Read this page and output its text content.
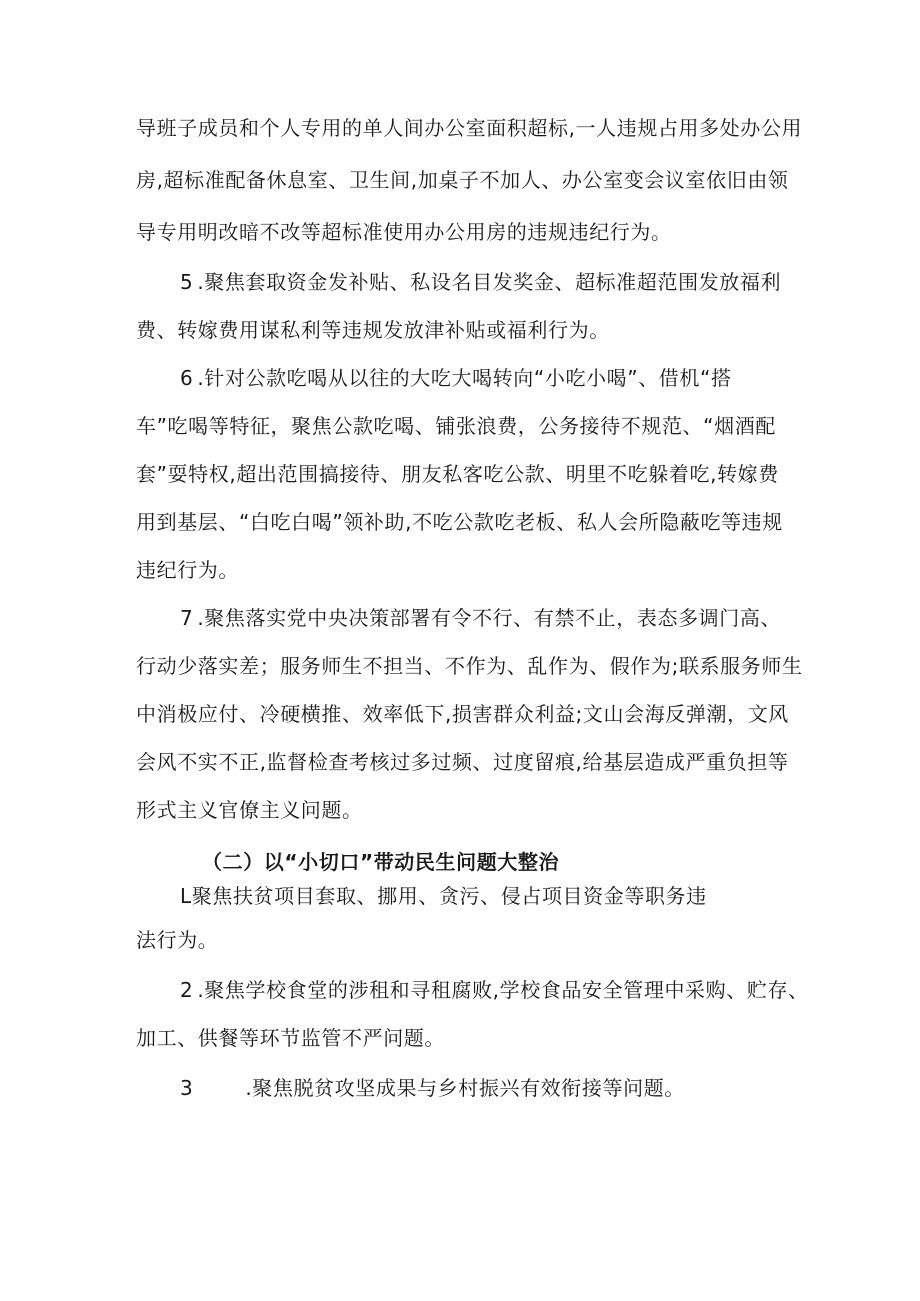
导班子成员和个人专用的单人间办公室面积超标,一人违规占用多处办公用
房,超标准配备休息室、卫生间,加桌子不加人、办公室变会议室依旧由领
导专用明改暗不改等超标准使用办公用房的违规违纪行为。
5 .聚焦套取资金发补贴、私设名目发奖金、超标准超范围发放福利
费、转嫁费用谋私利等违规发放津补贴或福利行为。
6 .针对公款吃喝从以往的大吃大喝转向“小吃小喝”、借机“搭
车”吃喝等特征，聚焦公款吃喝、铺张浪费，公务接待不规范、“烟酒配
套”耍特权,超出范围搞接待、朋友私客吃公款、明里不吃躲着吃,转嫁费
用到基层、“白吃白喝”领补助,不吃公款吃老板、私人会所隐蔽吃等违规
违纪行为。
7 .聚焦落实党中央决策部署有令不行、有禁不止，表态多调门高、
行动少落实差；服务师生不担当、不作为、乱作为、假作为;联系服务师生
中消极应付、冷硬横推、效率低下,损害群众利益;文山会海反弹潮，文风
会风不实不正,监督检查考核过多过频、过度留痕,给基层造成严重负担等
形式主义官僚主义问题。
（二）以“小切口”带动民生问题大整治
L聚焦扶贫项目套取、挪用、贪污、侵占项目资金等职务违
法行为。
2 .聚焦学校食堂的涉租和寻租腐败,学校食品安全管理中采购、贮存、
加工、供餐等环节监管不严问题。
3	.聚焦脱贫攻坚成果与乡村振兴有效衔接等问题。
